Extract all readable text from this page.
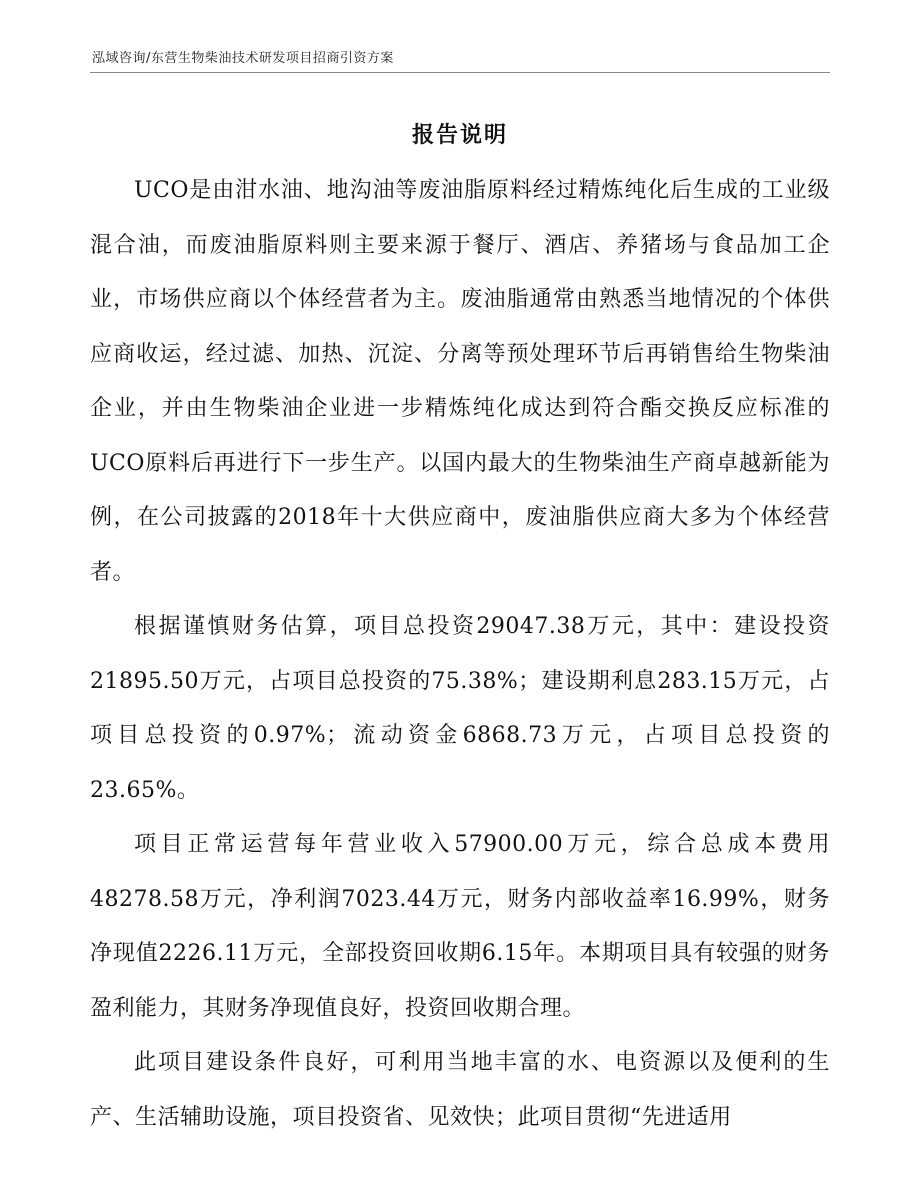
泓域咨询/东营生物柴油技术研发项目招商引资方案
报告说明

UCO是由泔水油、地沟油等废油脂原料经过精炼纯化后生成的工业级混合油，而废油脂原料则主要来源于餐厅、酒店、养猪场与食品加工企业，市场供应商以个体经营者为主。废油脂通常由熟悉当地情况的个体供应商收运，经过滤、加热、沉淀、分离等预处理环节后再销售给生物柴油企业，并由生物柴油企业进一步精炼纯化成达到符合酯交换反应标准的UCO原料后再进行下一步生产。以国内最大的生物柴油生产商卓越新能为例，在公司披露的2018年十大供应商中，废油脂供应商大多为个体经营者。

根据谨慎财务估算，项目总投资29047.38万元，其中：建设投资21895.50万元，占项目总投资的75.38%；建设期利息283.15万元，占项目总投资的0.97%；流动资金6868.73万元，占项目总投资的23.65%。

项目正常运营每年营业收入57900.00万元，综合总成本费用48278.58万元，净利润7023.44万元，财务内部收益率16.99%，财务净现值2226.11万元，全部投资回收期6.15年。本期项目具有较强的财务盈利能力，其财务净现值良好，投资回收期合理。

此项目建设条件良好，可利用当地丰富的水、电资源以及便利的生产、生活辅助设施，项目投资省、见效快；此项目贯彻“先进适用
